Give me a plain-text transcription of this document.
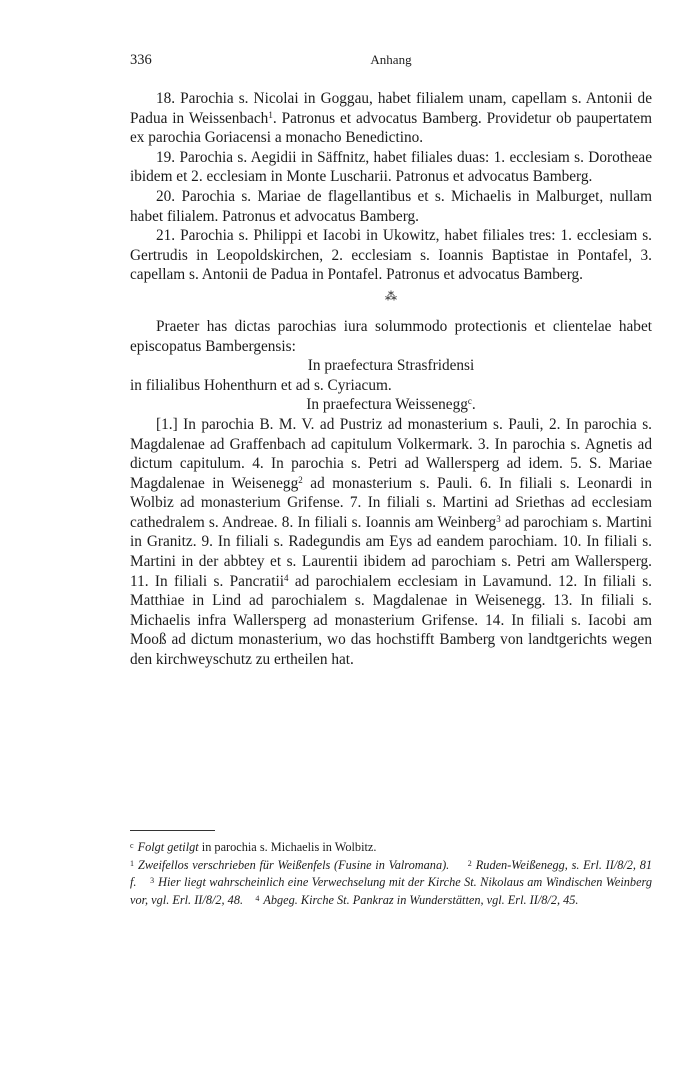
336	Anhang

18. Parochia s. Nicolai in Goggau, habet filialem unam, capellam s. Antonii de Padua in Weissenbach$^1$. Patronus et advocatus Bamberg. Providetur ob paupertatem ex parochia Goriacensi a monacho Benedictino.

19. Parochia s. Aegidii in Säffnitz, habet filiales duas: 1. ecclesiam s. Dorotheae ibidem et 2. ecclesiam in Monte Luscharii. Patronus et advocatus Bamberg.

20. Parochia s. Mariae de flagellantibus et s. Michaelis in Malburget, nullam habet filialem. Patronus et advocatus Bamberg.

21. Parochia s. Philippi et Iacobi in Ukowitz, habet filiales tres: 1. ecclesiam s. Gertrudis in Leopoldskirchen, 2. ecclesiam s. Ioannis Baptistae in Pontafel, 3. capellam s. Antonii de Padua in Pontafel. Patronus et advocatus Bamberg.

⁂

Praeter has dictas parochias iura solummodo protectionis et clientelae habet episcopatus Bambergensis:

In praefectura Strasfridensi

in filialibus Hohenthurn et ad s. Cyriacum.

In praefectura Weissenegg$^c$.

[1.] In parochia B. M. V. ad Pustriz ad monasterium s. Pauli, 2. In parochia s. Magdalenae ad Graffenbach ad capitulum Volkermark. 3. In parochia s. Agnetis ad dictum capitulum. 4. In parochia s. Petri ad Wallersperg ad idem. 5. S. Mariae Magdalenae in Weisenegg$^2$ ad monasterium s. Pauli. 6. In filiali s. Leonardi in Wolbiz ad monasterium Grifense. 7. In filiali s. Martini ad Sriethas ad ecclesiam cathedralem s. Andreae. 8. In filiali s. Ioannis am Weinberg$^3$ ad parochiam s. Martini in Granitz. 9. In filiali s. Radegundis am Eys ad eandem parochiam. 10. In filiali s. Martini in der abbtey et s. Laurentii ibidem ad parochiam s. Petri am Wallersperg. 11. In filiali s. Pancratii$^4$ ad parochialem ecclesiam in Lavamund. 12. In filiali s. Matthiae in Lind ad parochialem s. Magdalenae in Weisenegg. 13. In filiali s. Michaelis infra Wallersperg ad monasterium Grifense. 14. In filiali s. Iacobi am Mooß ad dictum monasterium, wo das hochstifft Bamberg von landtgerichts wegen den kirchweyschutz zu ertheilen hat.

$^c$ Folgt getilgt in parochia s. Michaelis in Wolbitz.

$^1$ Zweifellos verschrieben für Weißenfels (Fusine in Valromana). $^2$ Ruden-Weißenegg, s. Erl. II/8/2, 81 f. $^3$ Hier liegt wahrscheinlich eine Verwechselung mit der Kirche St. Nikolaus am Windischen Weinberg vor, vgl. Erl. II/8/2, 48. $^4$ Abgeg. Kirche St. Pankraz in Wunderstätten, vgl. Erl. II/8/2, 45.
